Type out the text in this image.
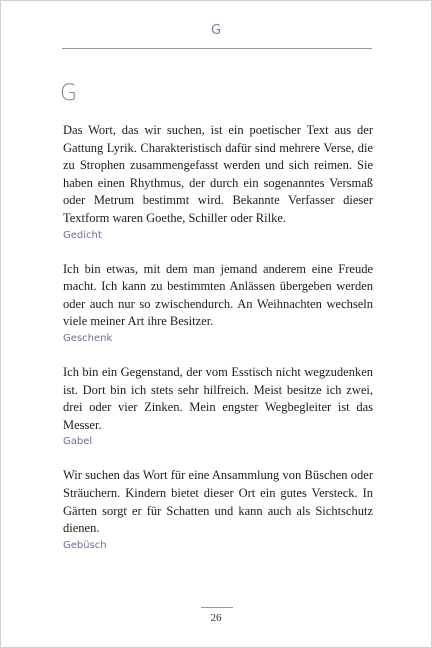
G
G

Das Wort, das wir suchen, ist ein poetischer Text aus der Gattung Lyrik. Charakteristisch dafür sind mehrere Verse, die zu Strophen zusammengefasst werden und sich reimen. Sie haben einen Rhythmus, der durch ein sogenanntes Versmaß oder Metrum bestimmt wird. Bekannte Verfasser dieser Textform waren Goethe, Schiller oder Rilke.

Gedicht

Ich bin etwas, mit dem man jemand anderem eine Freude macht. Ich kann zu bestimmten Anlässen übergeben werden oder auch nur so zwischendurch. An Weihnachten wechseln viele meiner Art ihre Besitzer.

Geschenk

Ich bin ein Gegenstand, der vom Esstisch nicht wegzudenken ist. Dort bin ich stets sehr hilfreich. Meist besitze ich zwei, drei oder vier Zinken. Mein engster Wegbegleiter ist das Messer.

Gabel

Wir suchen das Wort für eine Ansammlung von Büschen oder Sträuchern. Kindern bietet dieser Ort ein gutes Versteck. In Gärten sorgt er für Schatten und kann auch als Sichtschutz dienen.

Gebüsch
26
